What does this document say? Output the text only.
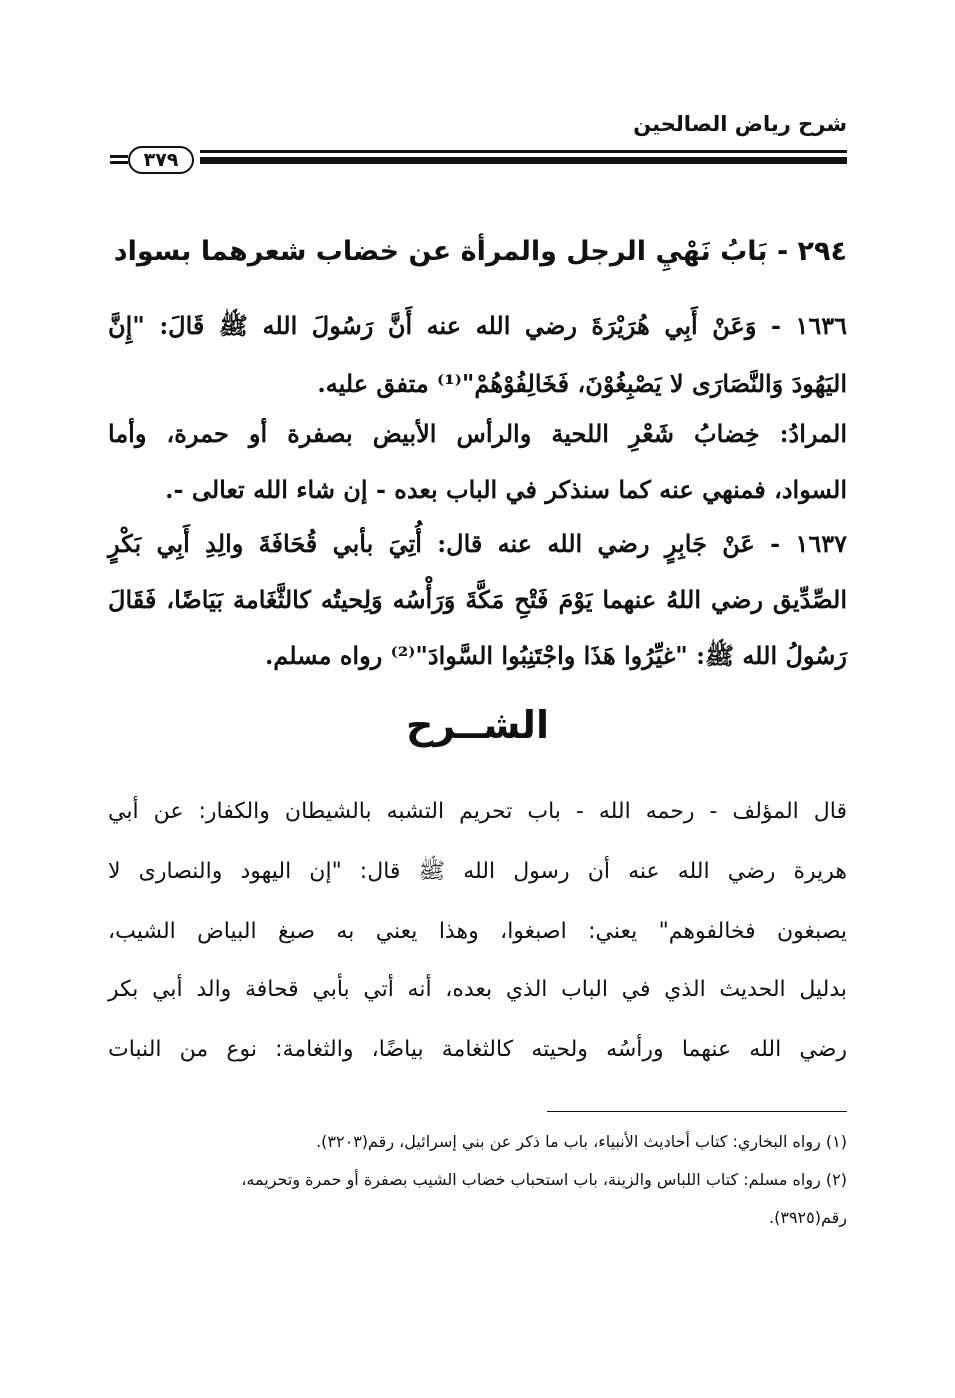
شرح رياض الصالحين
٣٧٩
٢٩٤ - بَابُ نَهْيِ الرجل والمرأة عن خضاب شعرهما بسواد
١٦٣٦ - وَعَنْ أَبِي هُرَيْرَةَ رضي الله عنه أَنَّ رَسُولَ الله ﷺ قَالَ: "إِنَّ
اليَهُودَ وَالنَّصَارَى لا يَصْبِغُوْنَ، فَخَالِفُوْهُمْ"⁽¹⁾ متفق عليه.
المرادُ: خِضابُ شَعْرِ اللحية والرأس الأبيض بصفرة أو حمرة، وأما
السواد، فمنهي عنه كما سنذكر في الباب بعده - إن شاء الله تعالى -.
١٦٣٧ - عَنْ جَابِرٍ رضي الله عنه قال: أُتِيَ بأبي قُحَافَةَ والِدِ أَبِي بَكْرٍ
الصِّدِّيق رضي اللهُ عنهما يَوْمَ فَتْحِ مَكَّةَ وَرَأْسُه وَلِحيتُه كالثَّغَامة بَيَاضًا، فَقَالَ
رَسُولُ الله ﷺ: "غيِّرُوا هَذَا واجْتَنِبُوا السَّوادَ"⁽²⁾ رواه مسلم.
الشــرح
قال المؤلف - رحمه الله - باب تحريم التشبه بالشيطان والكفار: عن أبي
هريرة رضي الله عنه أن رسول الله ﷺ قال: "إن اليهود والنصارى لا
يصبغون فخالفوهم" يعني: اصبغوا، وهذا يعني به صبغ البياض الشيب،
بدليل الحديث الذي في الباب الذي بعده، أنه أتي بأبي قحافة والد أبي بكر
رضي الله عنهما ورأسُه ولحيته كالثغامة بياضًا، والثغامة: نوع من النبات
(١) رواه البخاري: كتاب أحاديث الأنبياء، باب ما ذكر عن بني إسرائيل، رقم(٣٢٠٣).
(٢) رواه مسلم: كتاب اللباس والزينة، باب استحباب خضاب الشيب بصفرة أو حمرة وتحريمه،
رقم(٣٩٢٥).
